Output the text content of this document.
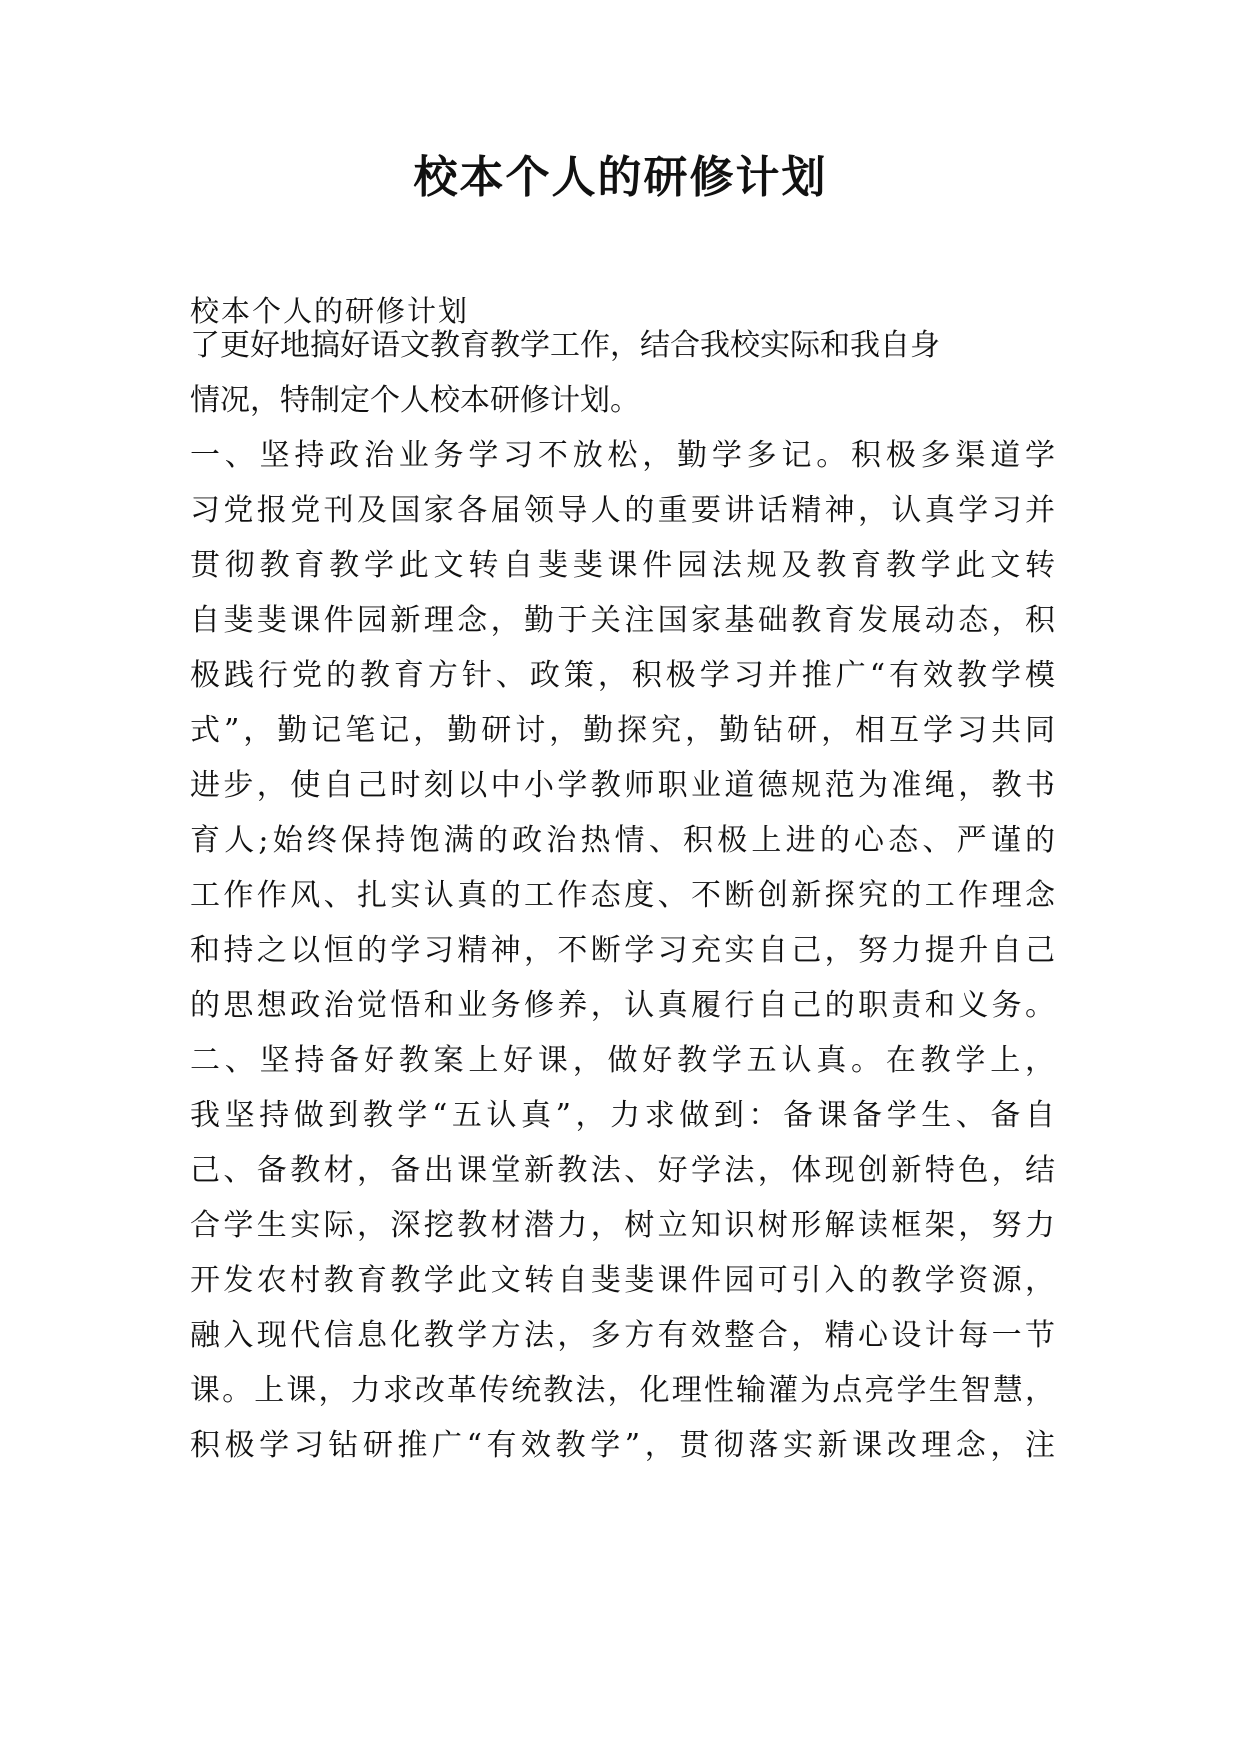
校本个人的研修计划
校本个人的研修计划
了更好地搞好语文教育教学工作，结合我校实际和我自身
情况，特制定个人校本研修计划。
一、坚持政治业务学习不放松，勤学多记。积极多渠道学
习党报党刊及国家各届领导人的重要讲话精神，认真学习并
贯彻教育教学此文转自斐斐课件园法规及教育教学此文转
自斐斐课件园新理念，勤于关注国家基础教育发展动态，积
极践行党的教育方针、政策，积极学习并推广“有效教学模
式”，勤记笔记，勤研讨，勤探究，勤钻研，相互学习共同
进步，使自己时刻以中小学教师职业道德规范为准绳，教书
育人;始终保持饱满的政治热情、积极上进的心态、严谨的
工作作风、扎实认真的工作态度、不断创新探究的工作理念
和持之以恒的学习精神，不断学习充实自己，努力提升自己
的思想政治觉悟和业务修养，认真履行自己的职责和义务。
二、坚持备好教案上好课，做好教学五认真。在教学上，
我坚持做到教学“五认真”，力求做到：备课备学生、备自
己、备教材，备出课堂新教法、好学法，体现创新特色，结
合学生实际，深挖教材潜力，树立知识树形解读框架，努力
开发农村教育教学此文转自斐斐课件园可引入的教学资源，
融入现代信息化教学方法，多方有效整合，精心设计每一节
课。上课，力求改革传统教法，化理性输灌为点亮学生智慧，
积极学习钻研推广“有效教学”，贯彻落实新课改理念，注
